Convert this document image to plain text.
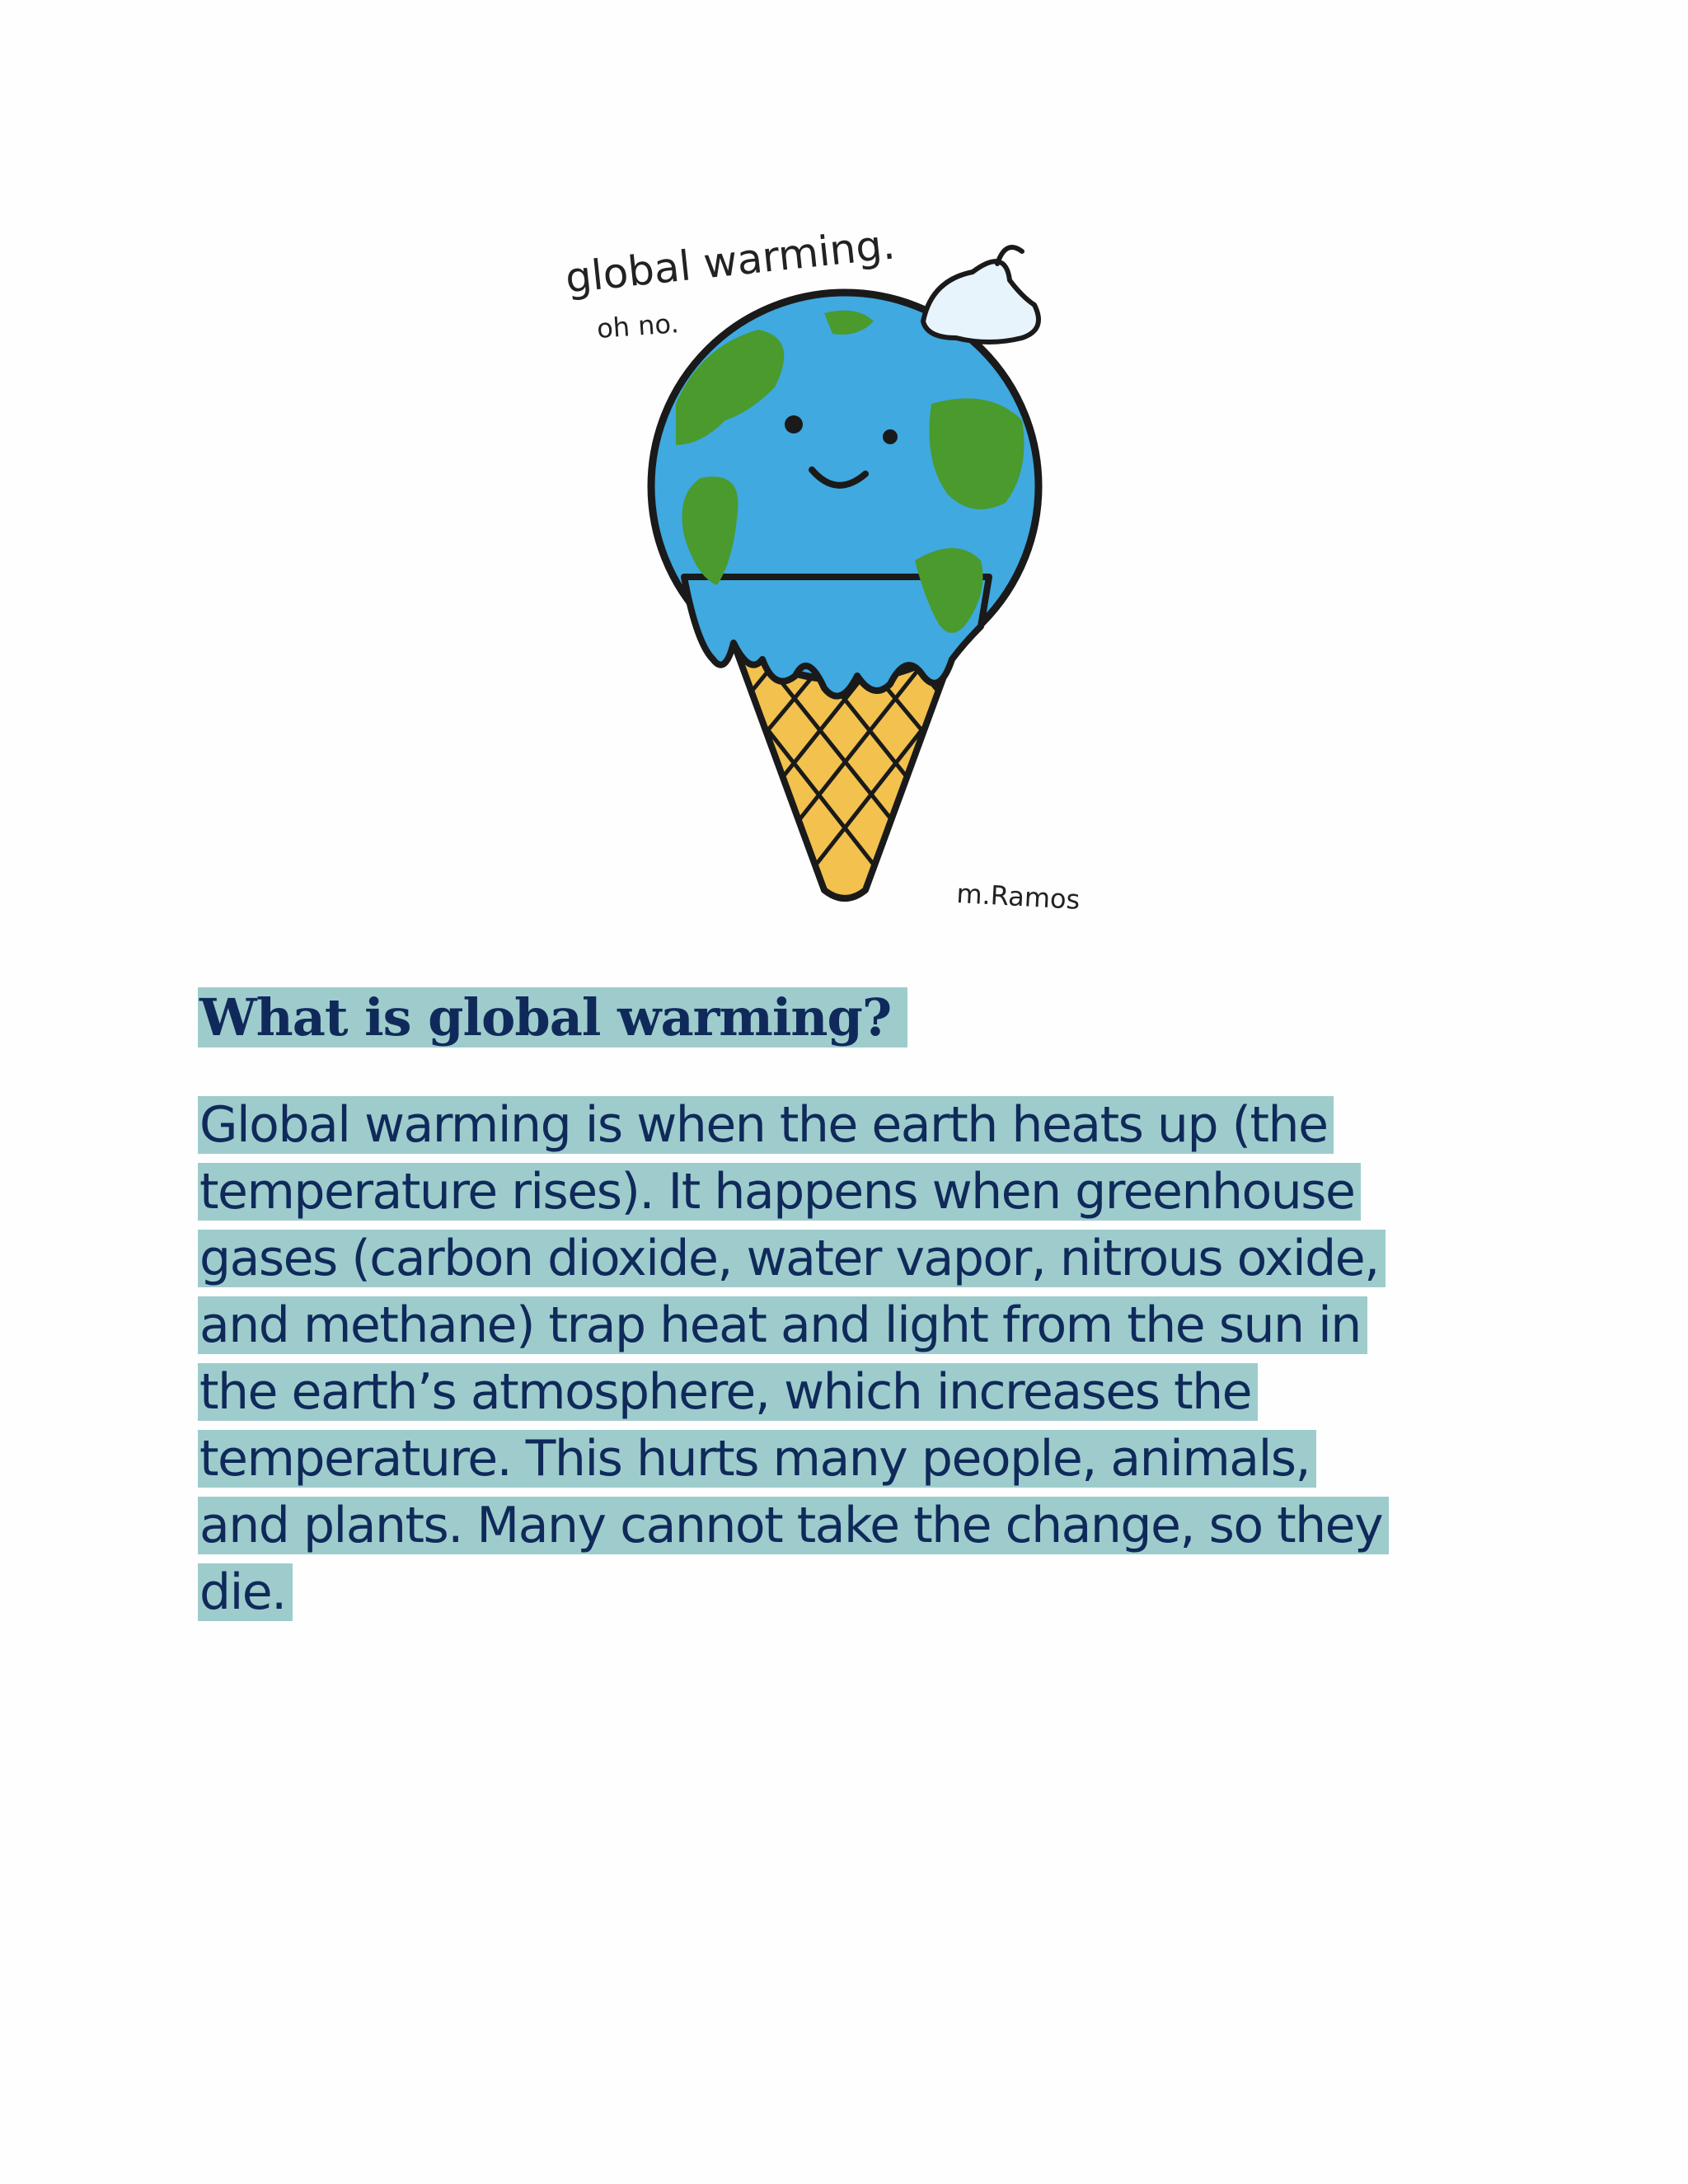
global warming.
oh no.
m.Ramos
What is global warming?
Global warming is when the earth heats up (the
temperature rises). It happens when greenhouse
gases (carbon dioxide, water vapor, nitrous oxide,
and methane) trap heat and light from the sun in
the earth’s atmosphere, which increases the
temperature. This hurts many people, animals,
and plants. Many cannot take the change, so they
die.
